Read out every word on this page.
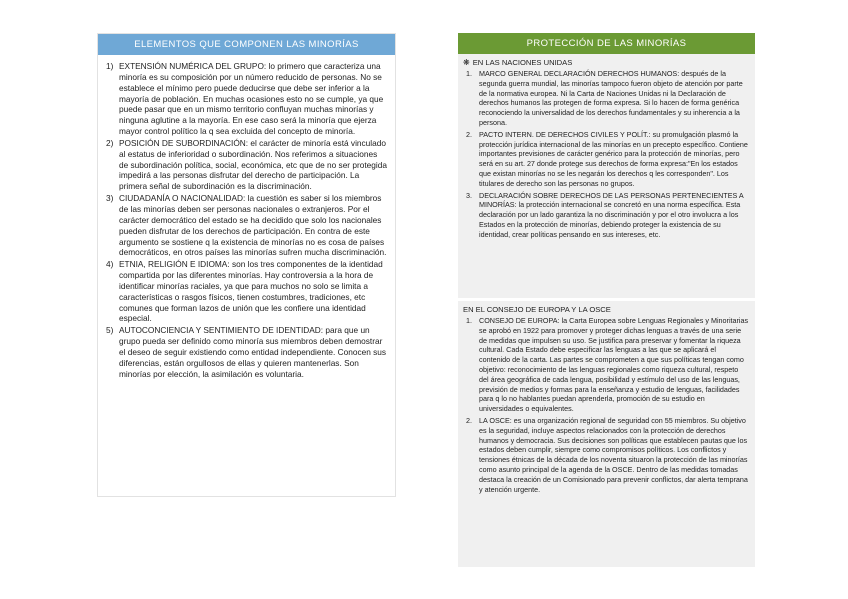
ELEMENTOS QUE COMPONEN LAS MINORÍAS
1) EXTENSIÓN NUMÉRICA DEL GRUPO: lo primero que caracteriza una minoría es su composición por un número reducido de personas. No se establece el mínimo pero puede deducirse que debe ser inferior a la mayoría de población. En muchas ocasiones esto no se cumple, ya que puede pasar que en un mismo territorio confluyan muchas minorías y ninguna aglutine a la mayoría. En ese caso será la minoría que ejerza mayor control político la q sea excluida del concepto de minoría.
2) POSICIÓN DE SUBORDINACIÓN: el carácter de minoría está vinculado al estatus de inferioridad o subordinación. Nos referimos a situaciones de subordinación política, social, económica, etc que de no ser protegida impedirá a las personas disfrutar del derecho de participación. La primera señal de subordinación es la discriminación.
3) CIUDADANÍA O NACIONALIDAD: la cuestión es saber si los miembros de las minorías deben ser personas nacionales o extranjeros. Por el carácter democrático del estado se ha decidido que solo los nacionales pueden disfrutar de los derechos de participación. En contra de este argumento se sostiene q la existencia de minorías no es cosa de países democráticos, en otros países las minorías sufren mucha discriminación.
4) ETNIA, RELIGIÓN E IDIOMA: son los tres componentes de la identidad compartida por las diferentes minorías. Hay controversia a la hora de identificar minorías raciales, ya que para muchos no solo se limita a características o rasgos físicos, tienen costumbres, tradiciones, etc comunes que forman lazos de unión que les confiere una identidad especial.
5) AUTOCONCIENCIA Y SENTIMIENTO DE IDENTIDAD: para que un grupo pueda ser definido como minoría sus miembros deben demostrar el deseo de seguir existiendo como entidad independiente. Conocen sus diferencias, están orgullosos de ellas y quieren mantenerlas. Son minorías por elección, la asimilación es voluntaria.
PROTECCIÓN DE LAS MINORÍAS
❋ EN LAS NACIONES UNIDAS
1. MARCO GENERAL DECLARACIÓN DERECHOS HUMANOS: después de la segunda guerra mundial, las minorías tampoco fueron objeto de atención por parte de la normativa europea. Ni la Carta de Naciones Unidas ni la Declaración de derechos humanos las protegen de forma expresa. Si lo hacen de forma genérica reconociendo la universalidad de los derechos fundamentales y su inherencia a la persona.
2. PACTO INTERN. DE DERECHOS CIVILES Y POLÍT.: su promulgación plasmó la protección jurídica internacional de las minorías en un precepto específico. Contiene importantes previsiones de carácter genérico para la protección de minorías, pero será en su art. 27 donde protege sus derechos de forma expresa:"En los estados que existan minorías no se les negarán los derechos q les corresponden". Los titulares de derecho son las personas no grupos.
3. DECLARACIÓN SOBRE DERECHOS DE LAS PERSONAS PERTENECIENTES A MINORÍAS: la protección internacional se concretó en una norma específica. Esta declaración por un lado garantiza la no discriminación y por el otro involucra a los Estados en la protección de minorías, debiendo proteger la existencia de su identidad, crear políticas pensando en sus intereses, etc.
EN EL CONSEJO DE EUROPA Y LA OSCE
1. CONSEJO DE EUROPA: la Carta Europea sobre Lenguas Regionales y Minoritarias se aprobó en 1922 para promover y proteger dichas lenguas a través de una serie de medidas que impulsen su uso. Se justifica para preservar y fomentar la riqueza cultural. Cada Estado debe especificar las lenguas a las que se aplicará el contenido de la carta. Las partes se comprometen a que sus políticas tengan como objetivo: reconocimiento de las lenguas regionales como riqueza cultural, respeto del área geográfica de cada lengua, posibilidad y estímulo del uso de las lenguas, previsión de medios y formas para la enseñanza y estudio de lenguas, facilidades para q lo no hablantes puedan aprenderla, promoción de su estudio en universidades o equivalentes.
2. LA OSCE: es una organización regional de seguridad con 55 miembros. Su objetivo es la seguridad, incluye aspectos relacionados con la protección de derechos humanos y democracia. Sus decisiones son políticas que establecen pautas que los estados deben cumplir, siempre como compromisos políticos. Los conflictos y tensiones étnicas de la década de los noventa situaron la protección de las minorías como asunto principal de la agenda de la OSCE. Dentro de las medidas tomadas destaca la creación de un Comisionado para prevenir conflictos, dar alerta temprana y atención urgente.
